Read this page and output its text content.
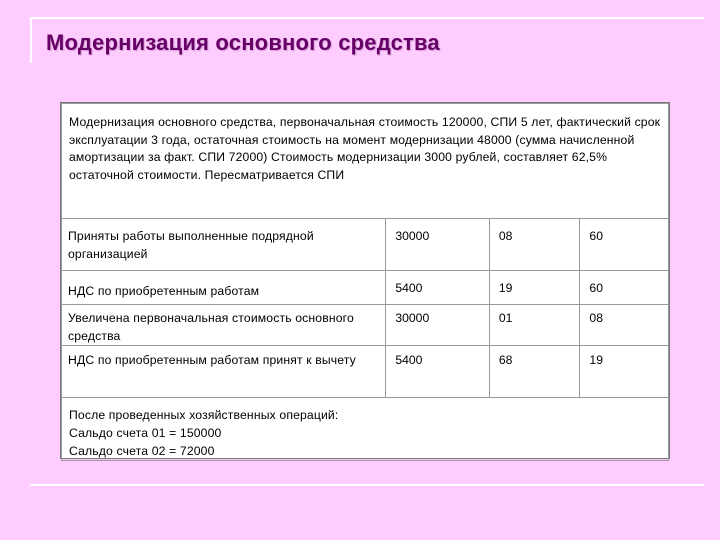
Модернизация основного средства
Модернизация основного средства, первоначальная стоимость 120000, СПИ 5 лет, фактический срок эксплуатации 3 года, остаточная стоимость на момент модернизации 48000 (сумма начисленной амортизации за факт. СПИ 72000) Стоимость модернизации 3000 рублей, составляет 62,5% остаточной стоимости. Пересматривается СПИ			

Приняты работы выполненные подрядной организацией	30000	08	60

НДС по приобретенным работам	5400	19	60

Увеличена первоначальная стоимость основного средства	30000	01	08

НДС по приобретенным работам принят к вычету	5400	68	19

После проведенных хозяйственных операций:
Сальдо счета 01 = 150000
Сальдо счета 02 = 72000			
